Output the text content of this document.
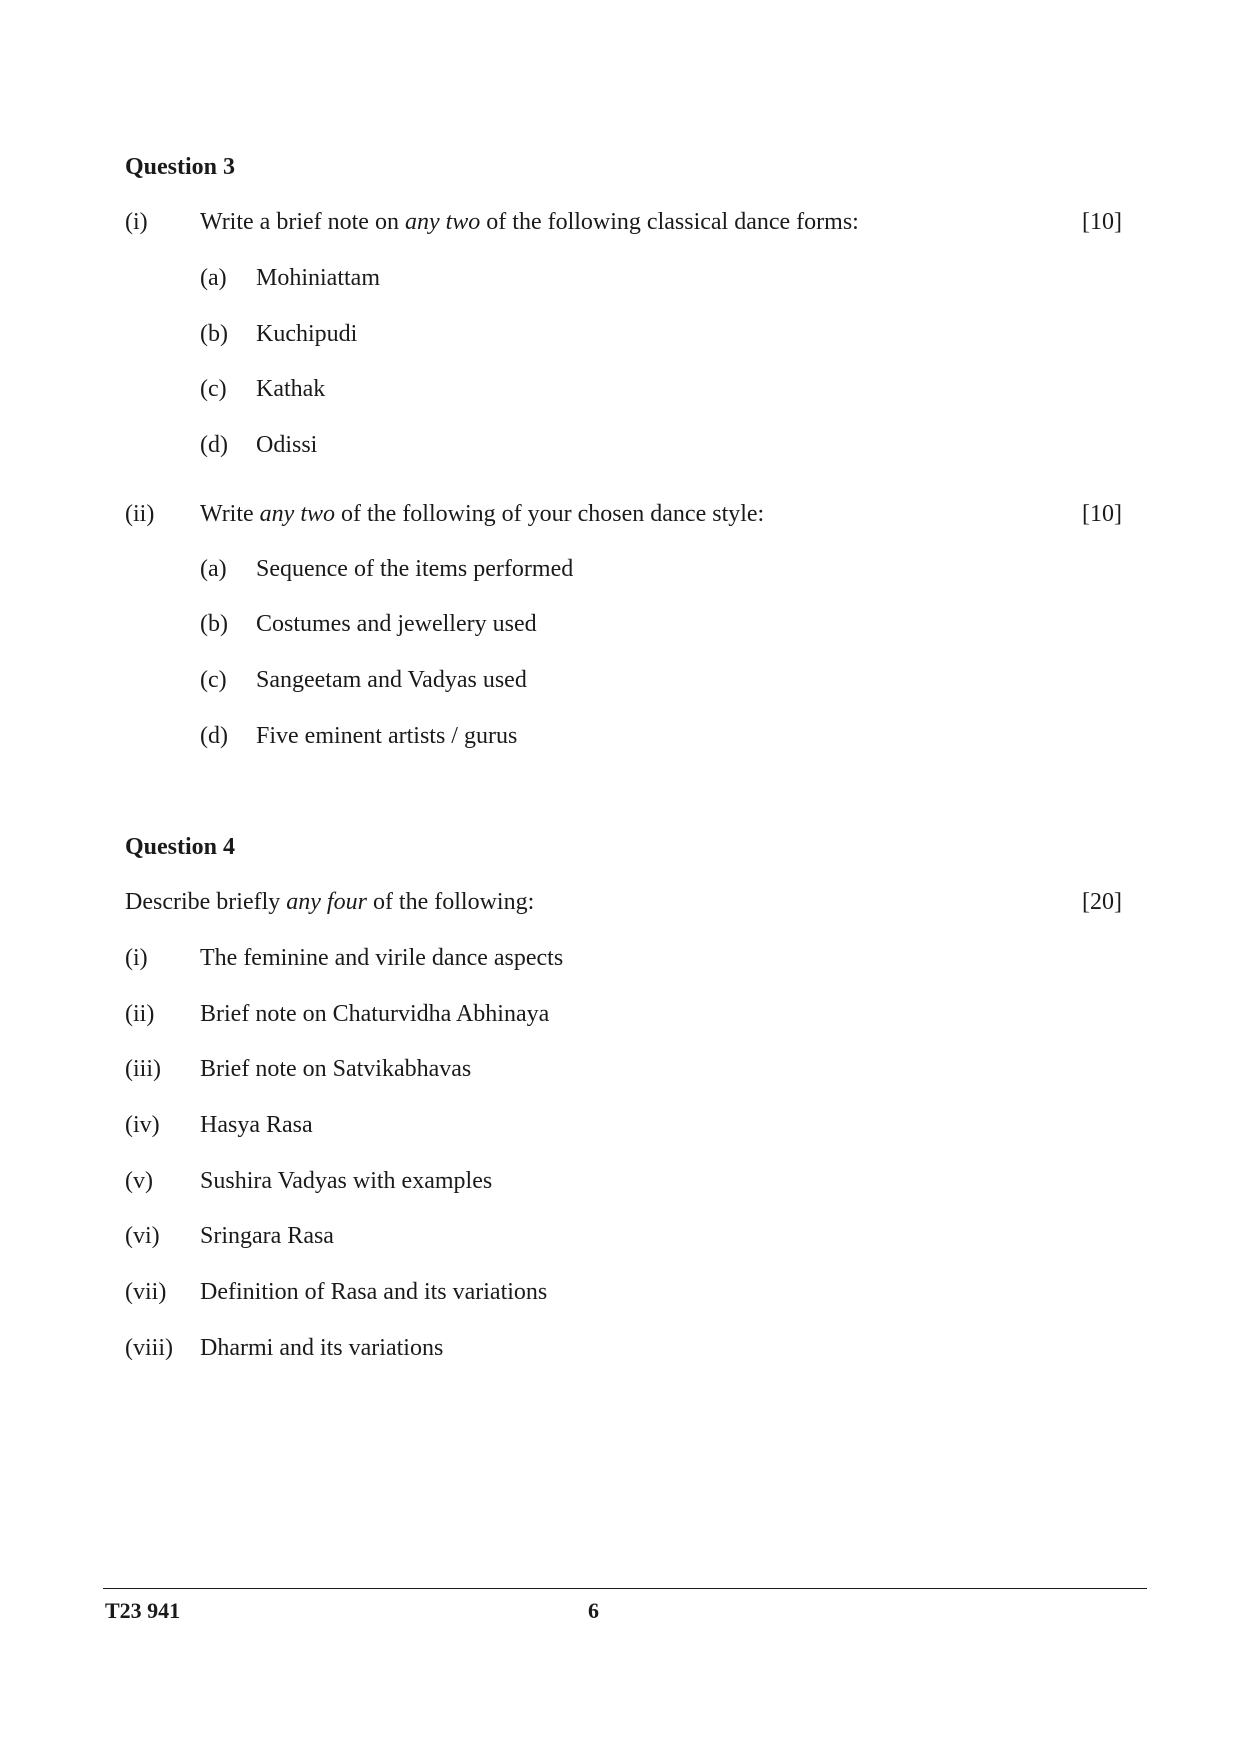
Question 3
(i) Write a brief note on any two of the following classical dance forms:	[10]
(a) Mohiniattam
(b) Kuchipudi
(c) Kathak
(d) Odissi
(ii) Write any two of the following of your chosen dance style:	[10]
(a) Sequence of the items performed
(b) Costumes and jewellery used
(c) Sangeetam and Vadyas used
(d) Five eminent artists / gurus
Question 4
Describe briefly any four of the following:	[20]
(i) The feminine and virile dance aspects
(ii) Brief note on Chaturvidha Abhinaya
(iii) Brief note on Satvikabhavas
(iv) Hasya Rasa
(v) Sushira Vadyas with examples
(vi) Sringara Rasa
(vii) Definition of Rasa and its variations
(viii) Dharmi and its variations
T23 941	6
